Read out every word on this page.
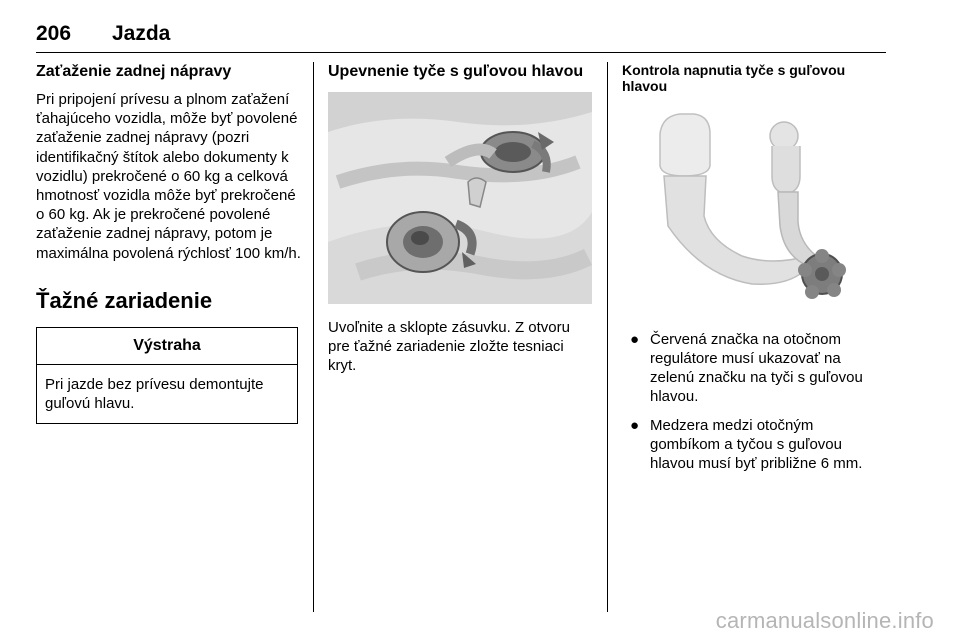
206 Jazda
Zaťaženie zadnej nápravy

Pri pripojení prívesu a plnom zaťažení ťahajúceho vozidla, môže byť povolené zaťaženie zadnej nápravy (pozri identifikačný štítok alebo dokumenty k vozidlu) prekročené o 60 kg a celková hmotnosť vozidla môže byť prekročené o 60 kg. Ak je prekročené povolené zaťaženie zadnej nápravy, potom je maximálna povolená rýchlosť 100 km/h.

Ťažné zariadenie
Výstraha
Pri jazde bez prívesu demontujte guľovú hlavu.
Upevnenie tyče s guľovou hlavou

Uvoľnite a sklopte zásuvku. Z otvoru pre ťažné zariadenie zložte tesniaci kryt.

Kontrola napnutia tyče s guľovou hlavou
● Červená značka na otočnom regulátore musí ukazovať na zelenú značku na tyči s guľovou hlavou.
● Medzera medzi otočným gombíkom a tyčou s guľovou hlavou musí byť približne 6 mm.
carmanualsonline.info
